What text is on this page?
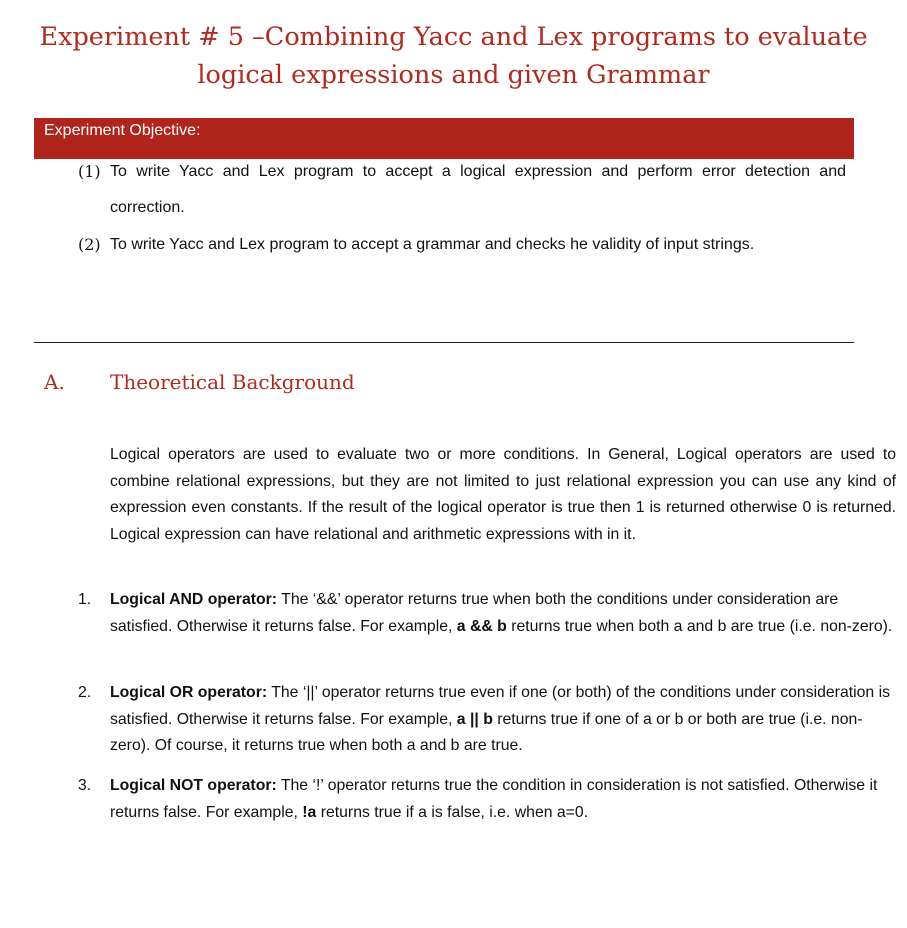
Experiment # 5 –Combining Yacc and Lex programs to evaluate
logical expressions and given Grammar
Experiment Objective:
(1) To write Yacc and Lex program to accept a logical expression and perform error detection and correction.
(2) To write Yacc and Lex program to accept a grammar and checks he validity of input strings.
A. Theoretical Background
Logical operators are used to evaluate two or more conditions. In General, Logical operators are used to combine relational expressions, but they are not limited to just relational expression you can use any kind of expression even constants. If the result of the logical operator is true then 1 is returned otherwise 0 is returned. Logical expression can have relational and arithmetic expressions with in it.
1. Logical AND operator: The ‘&&’ operator returns true when both the conditions under consideration are satisfied. Otherwise it returns false. For example, a && b returns true when both a and b are true (i.e. non-zero).
2. Logical OR operator: The ‘||’ operator returns true even if one (or both) of the conditions under consideration is satisfied. Otherwise it returns false. For example, a || b returns true if one of a or b or both are true (i.e. non-zero). Of course, it returns true when both a and b are true.
3. Logical NOT operator: The ‘!’ operator returns true the condition in consideration is not satisfied. Otherwise it returns false. For example, !a returns true if a is false, i.e. when a=0.
